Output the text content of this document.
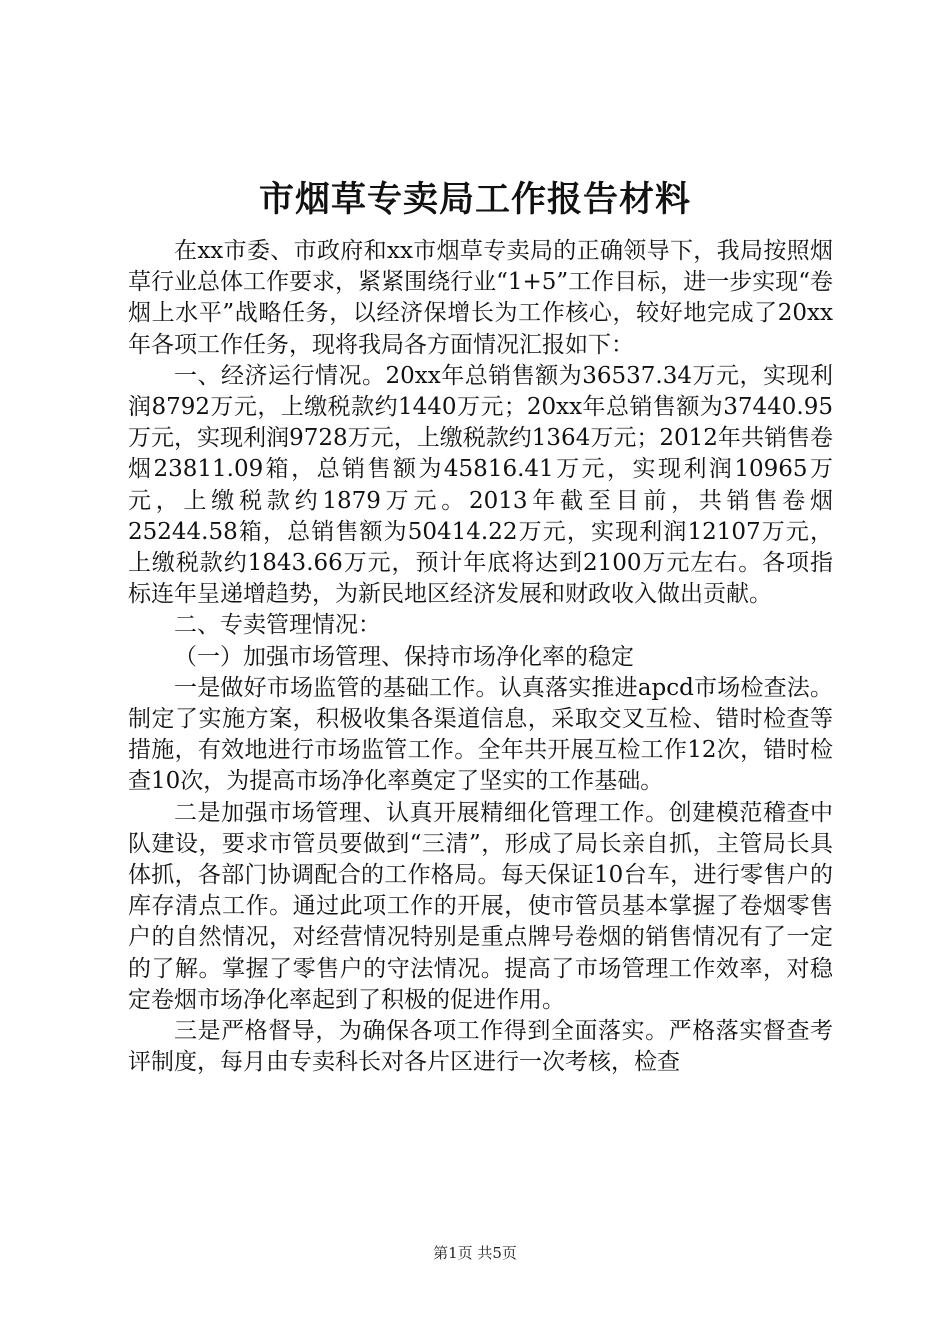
市烟草专卖局工作报告材料

在xx市委、市政府和xx市烟草专卖局的正确领导下，我局按照烟草行业总体工作要求，紧紧围绕行业“1+5”工作目标，进一步实现“卷烟上水平”战略任务，以经济保增长为工作核心，较好地完成了20xx年各项工作任务，现将我局各方面情况汇报如下：

一、经济运行情况。20xx年总销售额为36537.34万元，实现利润8792万元，上缴税款约1440万元；20xx年总销售额为37440.95万元，实现利润9728万元，上缴税款约1364万元；2012年共销售卷烟23811.09箱，总销售额为45816.41万元，实现利润10965万元，上缴税款约1879万元。2013年截至目前，共销售卷烟25244.58箱，总销售额为50414.22万元，实现利润12107万元，上缴税款约1843.66万元，预计年底将达到2100万元左右。各项指标连年呈递增趋势，为新民地区经济发展和财政收入做出贡献。

二、专卖管理情况：

（一）加强市场管理、保持市场净化率的稳定

一是做好市场监管的基础工作。认真落实推进apcd市场检查法。制定了实施方案，积极收集各渠道信息，采取交叉互检、错时检查等措施，有效地进行市场监管工作。全年共开展互检工作12次，错时检查10次，为提高市场净化率奠定了坚实的工作基础。

二是加强市场管理、认真开展精细化管理工作。创建模范稽查中队建设，要求市管员要做到“三清”，形成了局长亲自抓，主管局长具体抓，各部门协调配合的工作格局。每天保证10台车，进行零售户的库存清点工作。通过此项工作的开展，使市管员基本掌握了卷烟零售户的自然情况，对经营情况特别是重点牌号卷烟的销售情况有了一定的了解。掌握了零售户的守法情况。提高了市场管理工作效率，对稳定卷烟市场净化率起到了积极的促进作用。

三是严格督导，为确保各项工作得到全面落实。严格落实督查考评制度，每月由专卖科长对各片区进行一次考核，检查

第1页 共5页
